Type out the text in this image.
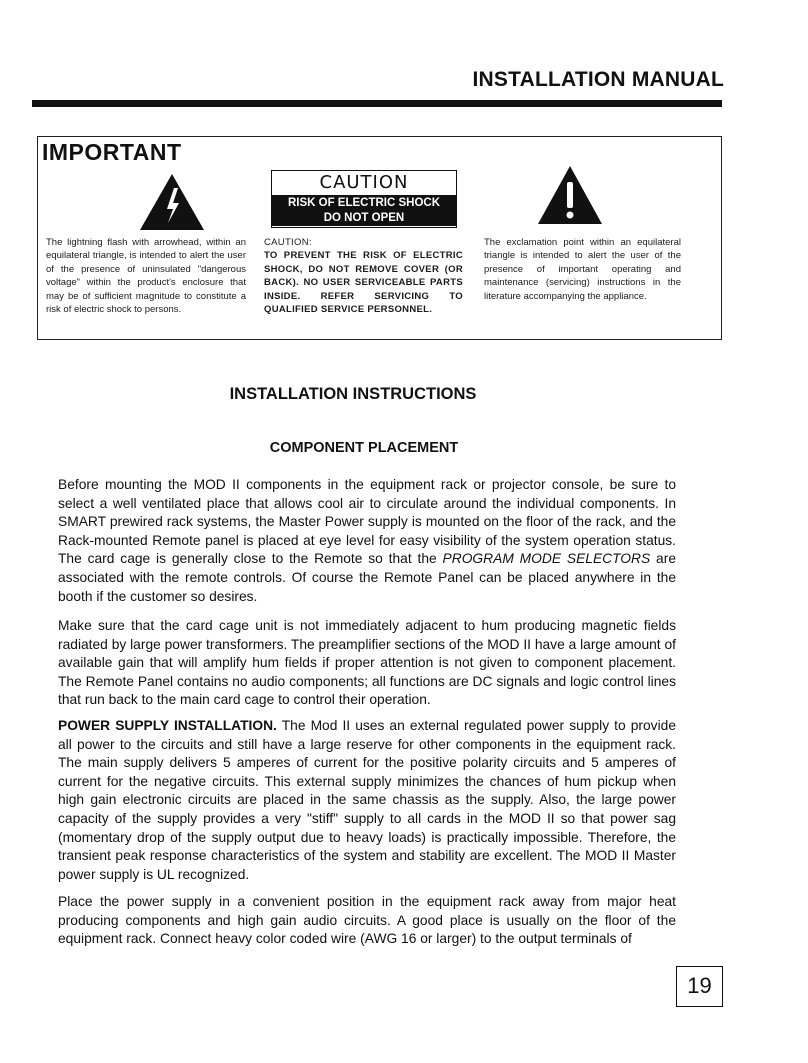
INSTALLATION MANUAL
IMPORTANT
CAUTION
RISK OF ELECTRIC SHOCK
DO NOT OPEN
The lightning flash with arrowhead, within an equilateral triangle, is intended to alert the user of the presence of uninsulated "dangerous voltage" within the product's enclosure that may be of sufficient magnitude to constitute a risk of electric shock to persons.
CAUTION:
TO PREVENT THE RISK OF ELECTRIC SHOCK, DO NOT REMOVE COVER (OR BACK). NO USER SERVICEABLE PARTS INSIDE. REFER SERVICING TO QUALIFIED SERVICE PERSONNEL.
The exclamation point within an equilateral triangle is intended to alert the user of the presence of important operating and maintenance (servicing) instructions in the literature accompanying the appliance.
INSTALLATION INSTRUCTIONS
COMPONENT PLACEMENT

Before mounting the MOD II components in the equipment rack or projector console, be sure to select a well ventilated place that allows cool air to circulate around the individual components. In SMART prewired rack systems, the Master Power supply is mounted on the floor of the rack, and the Rack-mounted Remote panel is placed at eye level for easy visibility of the system operation status. The card cage is generally close to the Remote so that the PROGRAM MODE SELECTORS are associated with the remote controls. Of course the Remote Panel can be placed anywhere in the booth if the customer so desires.

Make sure that the card cage unit is not immediately adjacent to hum producing magnetic fields radiated by large power transformers. The preamplifier sections of the MOD II have a large amount of available gain that will amplify hum fields if proper attention is not given to component placement. The Remote Panel contains no audio components; all functions are DC signals and logic control lines that run back to the main card cage to control their operation.

POWER SUPPLY INSTALLATION. The Mod II uses an external regulated power supply to provide all power to the circuits and still have a large reserve for other components in the equipment rack. The main supply delivers 5 amperes of current for the positive polarity circuits and 5 amperes of current for the negative circuits. This external supply minimizes the chances of hum pickup when high gain electronic circuits are placed in the same chassis as the supply. Also, the large power capacity of the supply provides a very "stiff" supply to all cards in the MOD II so that power sag (momentary drop of the supply output due to heavy loads) is practically impossible. Therefore, the transient peak response characteristics of the system and stability are excellent. The MOD II Master power supply is UL recognized.

Place the power supply in a convenient position in the equipment rack away from major heat producing components and high gain audio circuits. A good place is usually on the floor of the equipment rack. Connect heavy color coded wire (AWG 16 or larger) to the output terminals of

19
